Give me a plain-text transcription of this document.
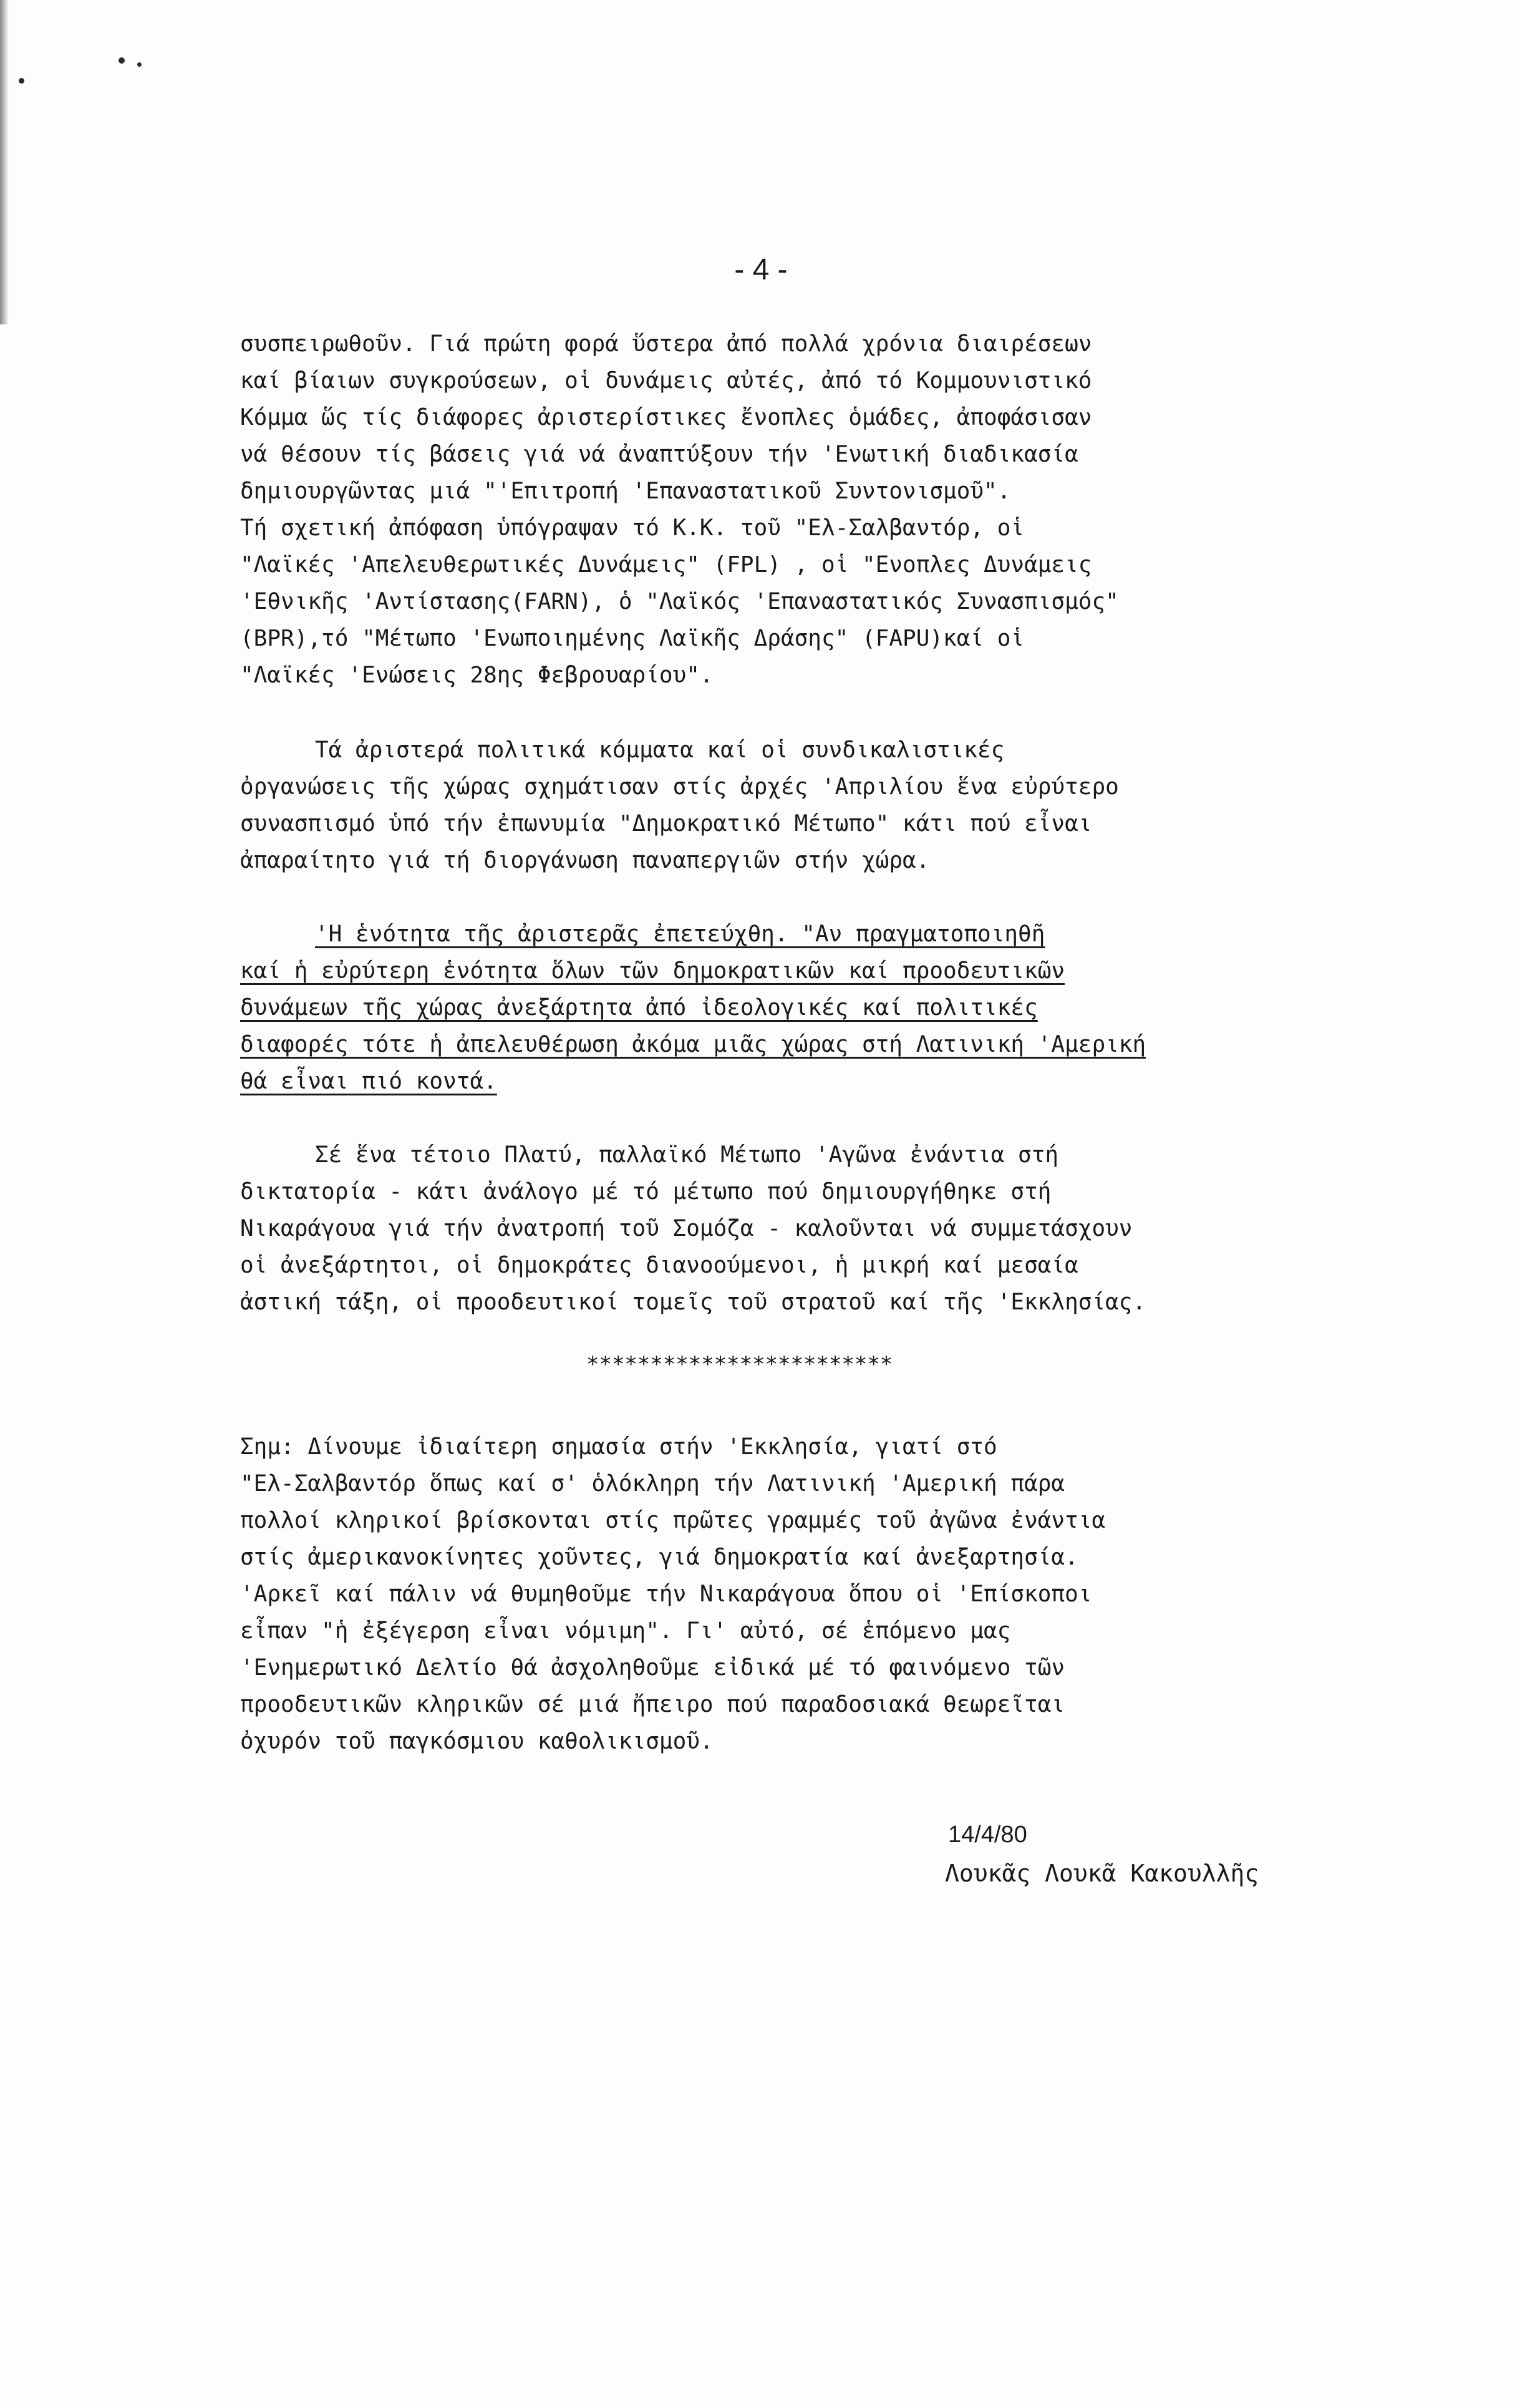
- 4 -

συσπειρωθοῦν. Γιά πρώτη φορά ὕστερα ἀπό πολλά χρόνια διαιρέσεων
καί βίαιων συγκρούσεων, οἱ δυνάμεις αὐτές, ἀπό τό Κομμουνιστικό
Κόμμα ὥς τίς διάφορες ἀριστερίστικες ἔνοπλες ὁμάδες, ἀποφάσισαν
νά θέσουν τίς βάσεις γιά νά ἀναπτύξουν τήν 'Ενωτική διαδικασία
δημιουργῶντας μιά "'Επιτροπή 'Επαναστατικοῦ Συντονισμοῦ".
Τή σχετική ἀπόφαση ὑπόγραψαν τό Κ.Κ. τοῦ "Ελ-Σαλβαντόρ, οἱ
"Λαϊκές 'Απελευθερωτικές Δυνάμεις" (FPL) , οἱ "Ενοπλες Δυνάμεις
'Εθνικῆς 'Αντίστασης(FARN), ὁ "Λαϊκός 'Επαναστατικός Συνασπισμός"
(BPR),τό "Μέτωπο 'Ενωποιημένης Λαϊκῆς Δράσης" (FAPU)καί οἱ
"Λαϊκές 'Ενώσεις 28ης Φεβρουαρίου".
Τά ἀριστερά πολιτικά κόμματα καί οἱ συνδικαλιστικές
ὀργανώσεις τῆς χώρας σχημάτισαν στίς ἀρχές 'Απριλίου ἕνα εὐρύτερο
συνασπισμό ὑπό τήν ἐπωνυμία "Δημοκρατικό Μέτωπο" κάτι πού εἶναι
ἀπαραίτητο γιά τή διοργάνωση παναπεργιῶν στήν χώρα.
'Η ἑνότητα τῆς ἀριστερᾶς ἐπετεύχθη. "Αν πραγματοποιηθῆ
καί ἡ εὐρύτερη ἑνότητα ὅλων τῶν δημοκρατικῶν καί προοδευτικῶν
δυνάμεων τῆς χώρας ἀνεξάρτητα ἀπό ἰδεολογικές καί πολιτικές
διαφορές τότε ἡ ἀπελευθέρωση ἀκόμα μιᾶς χώρας στή Λατινική 'Αμερική
θά εἶναι πιό κοντά.
Σέ ἕνα τέτοιο Πλατύ, παλλαϊκό Μέτωπο 'Αγῶνα ἐνάντια στή
δικτατορία - κάτι ἀνάλογο μέ τό μέτωπο πού δημιουργήθηκε στή
Νικαράγουα γιά τήν ἀνατροπή τοῦ Σομόζα - καλοῦνται νά συμμετάσχουν
οἱ ἀνεξάρτητοι, οἱ δημοκράτες διανοούμενοι, ἡ μικρή καί μεσαία
ἀστική τάξη, οἱ προοδευτικοί τομεῖς τοῦ στρατοῦ καί τῆς 'Εκκλησίας.

************************

Σημ: Δίνουμε ἰδιαίτερη σημασία στήν 'Εκκλησία, γιατί στό
"Ελ-Σαλβαντόρ ὅπως καί σ' ὁλόκληρη τήν Λατινική 'Αμερική πάρα
πολλοί κληρικοί βρίσκονται στίς πρῶτες γραμμές τοῦ ἀγῶνα ἐνάντια
στίς ἀμερικανοκίνητες χοῦντες, γιά δημοκρατία καί ἀνεξαρτησία.
'Αρκεῖ καί πάλιν νά θυμηθοῦμε τήν Νικαράγουα ὅπου οἱ 'Επίσκοποι
εἶπαν "ἡ ἐξέγερση εἶναι νόμιμη". Γι' αὐτό, σέ ἑπόμενο μας
'Ενημερωτικό Δελτίο θά ἀσχοληθοῦμε εἰδικά μέ τό φαινόμενο τῶν
προοδευτικῶν κληρικῶν σέ μιά ἤπειρο πού παραδοσιακά θεωρεῖται
ὀχυρόν τοῦ παγκόσμιου καθολικισμοῦ.
14/4/80
Λουκᾶς Λουκᾶ Κακουλλῆς
